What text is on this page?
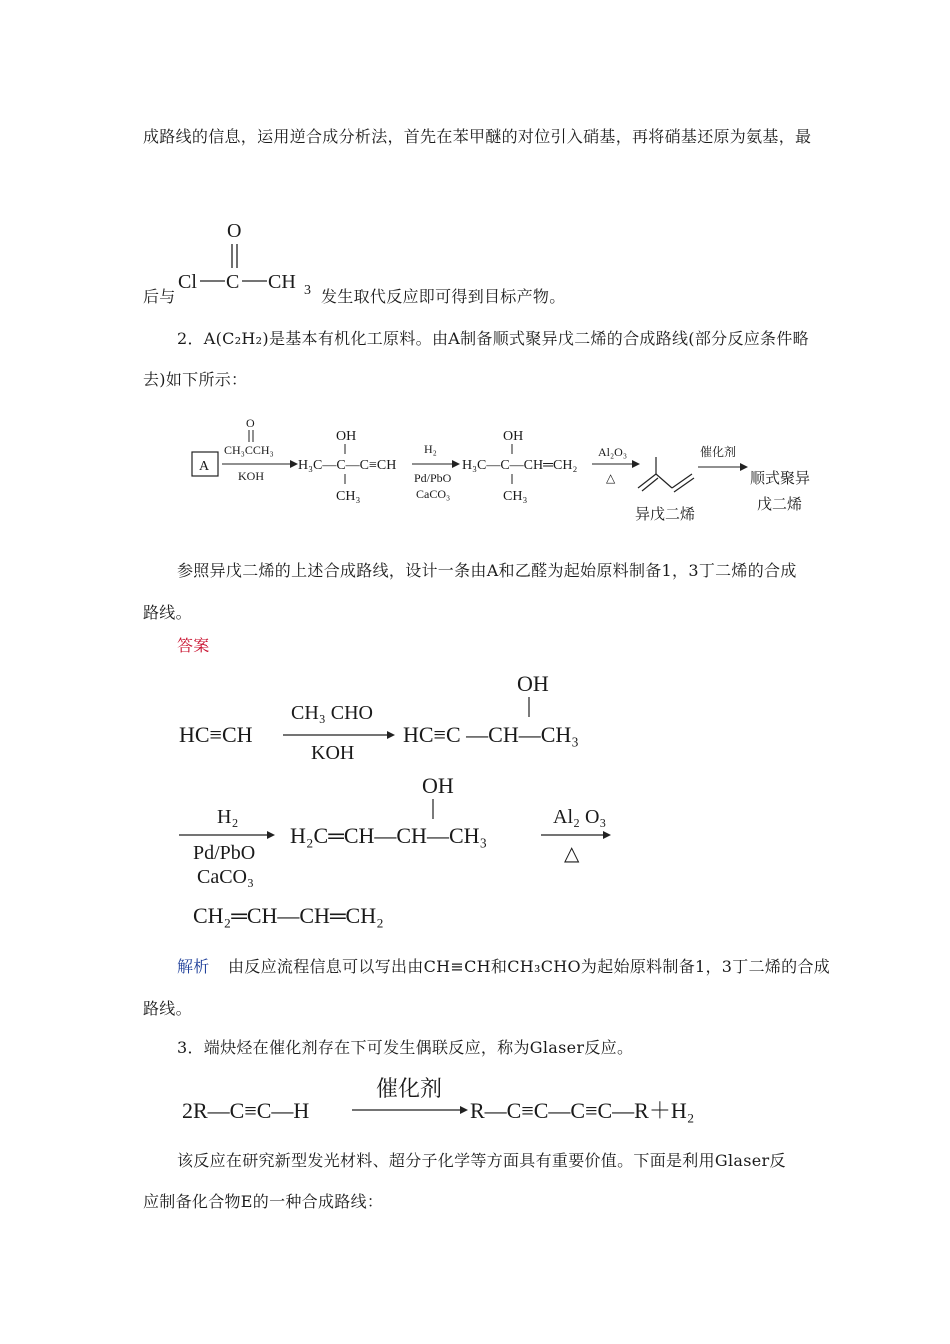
成路线的信息，运用逆合成分析法，首先在苯甲醚的对位引入硝基，再将硝基还原为氨基，最
后与
O
Cl C CH 3 发生取代反应即可得到目标产物。
2．A(C₂H₂)是基本有机化工原料。由A制备顺式聚异戊二烯的合成路线(部分反应条件略
去)如下所示：
A
O
CH₃CCH₃
KOH
OH
H₃C—C—C≡CH
CH₃
H₂
Pd/PbO
CaCO₃
OH
H₃C—C—CH═CH₂
CH₃
Al₂O₃
△
异戊二烯
催化剂
顺式聚异
戊二烯
参照异戊二烯的上述合成路线，设计一条由A和乙醛为起始原料制备1，3丁二烯的合成
路线。
答案
HC≡CH
CH₃ CHO
KOH
OH
HC≡C —CH—CH₃
H₂
Pd/PbO
CaCO₃
OH
H₂C═CH—CH—CH₃
Al₂ O₃
△
CH₂═CH—CH═CH₂
解析 由反应流程信息可以写出由CH≡CH和CH₃CHO为起始原料制备1，3丁二烯的合成
路线。
3．端炔烃在催化剂存在下可发生偶联反应，称为Glaser反应。
2R—C≡C—H
催化剂
R—C≡C—C≡C—R＋H₂
该反应在研究新型发光材料、超分子化学等方面具有重要价值。下面是利用Glaser反
应制备化合物E的一种合成路线：
